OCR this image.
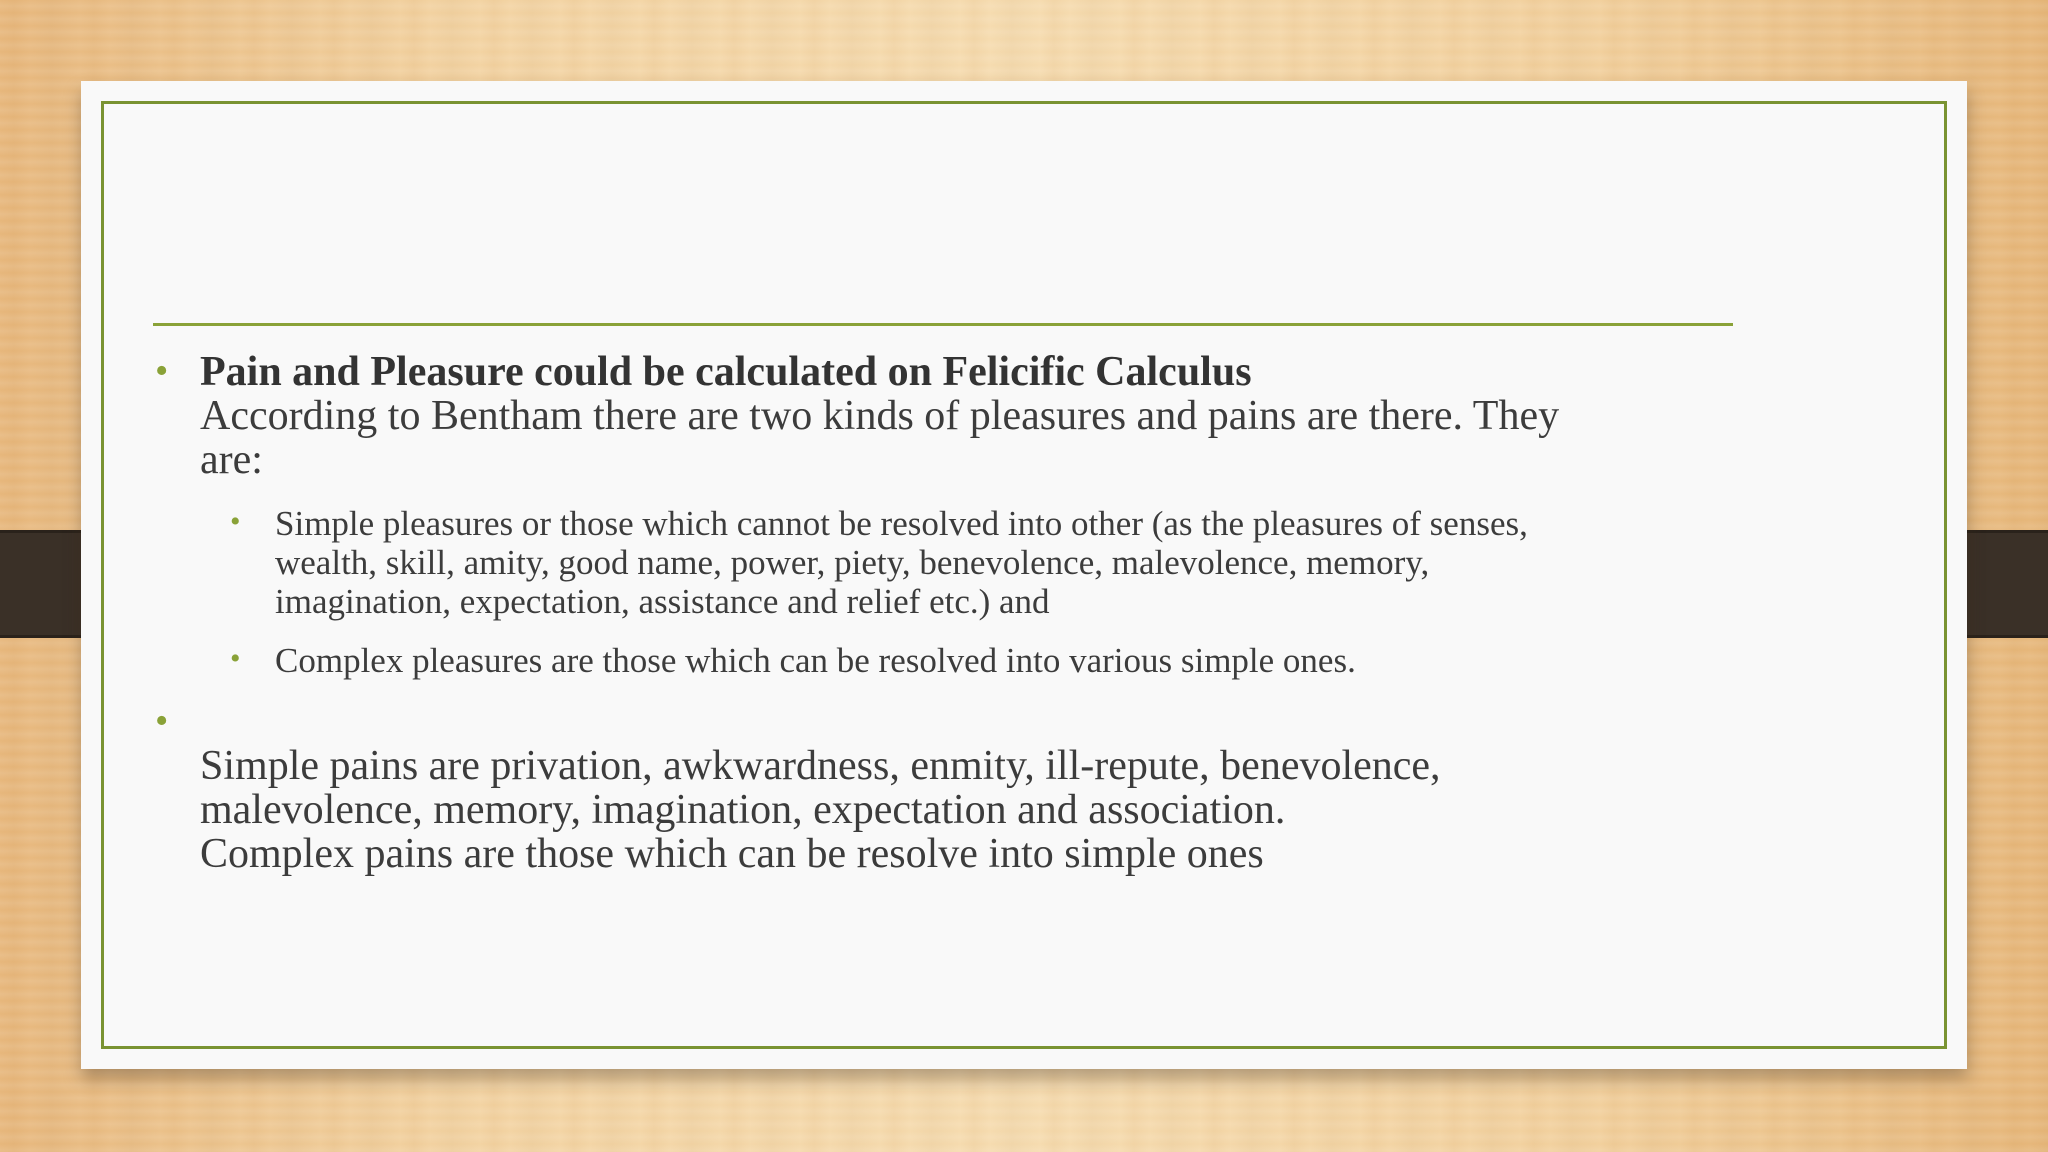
• Pain and Pleasure could be calculated on Felicific Calculus
According to Bentham there are two kinds of pleasures and pains are there. They
are:
• Simple pleasures or those which cannot be resolved into other (as the pleasures of senses,
wealth, skill, amity, good name, power, piety, benevolence, malevolence, memory,
imagination, expectation, assistance and relief etc.) and
• Complex pleasures are those which can be resolved into various simple ones.
•
Simple pains are privation, awkwardness, enmity, ill-repute, benevolence,
malevolence, memory, imagination, expectation and association.
Complex pains are those which can be resolve into simple ones
